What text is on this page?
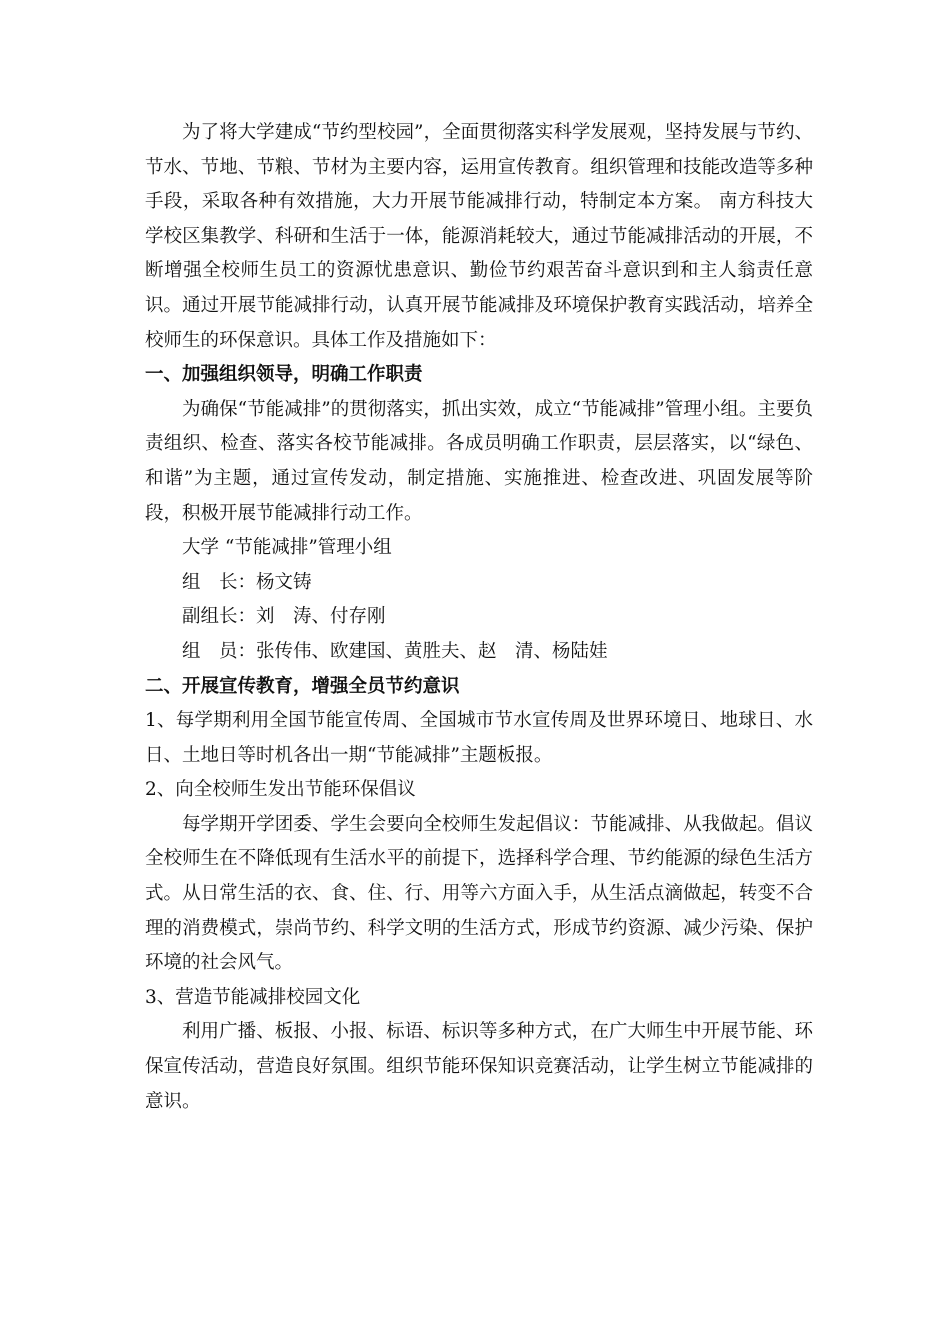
为了将大学建成“节约型校园”，全面贯彻落实科学发展观，坚持发展与节约、节水、节地、节粮、节材为主要内容，运用宣传教育。组织管理和技能改造等多种手段，采取各种有效措施，大力开展节能减排行动，特制定本方案。 南方科技大学校区集教学、科研和生活于一体，能源消耗较大，通过节能减排活动的开展，不断增强全校师生员工的资源忧患意识、勤俭节约艰苦奋斗意识到和主人翁责任意识。通过开展节能减排行动，认真开展节能减排及环境保护教育实践活动，培养全校师生的环保意识。具体工作及措施如下：

一、加强组织领导，明确工作职责

为确保“节能减排”的贯彻落实，抓出实效，成立“节能减排”管理小组。主要负责组织、检查、落实各校节能减排。各成员明确工作职责，层层落实，以“绿色、和谐”为主题，通过宣传发动，制定措施、实施推进、检查改进、巩固发展等阶段，积极开展节能减排行动工作。

大学 “节能减排”管理小组

组　长：杨文铸

副组长：刘　涛、付存刚

组　员：张传伟、欧建国、黄胜夫、赵　清、杨陆娃

二、开展宣传教育，增强全员节约意识

1、每学期利用全国节能宣传周、全国城市节水宣传周及世界环境日、地球日、水日、土地日等时机各出一期“节能减排”主题板报。

2、向全校师生发出节能环保倡议

每学期开学团委、学生会要向全校师生发起倡议：节能减排、从我做起。倡议全校师生在不降低现有生活水平的前提下，选择科学合理、节约能源的绿色生活方式。从日常生活的衣、食、住、行、用等六方面入手，从生活点滴做起，转变不合理的消费模式，崇尚节约、科学文明的生活方式，形成节约资源、减少污染、保护环境的社会风气。

3、营造节能减排校园文化

利用广播、板报、小报、标语、标识等多种方式，在广大师生中开展节能、环保宣传活动，营造良好氛围。组织节能环保知识竞赛活动，让学生树立节能减排的意识。
